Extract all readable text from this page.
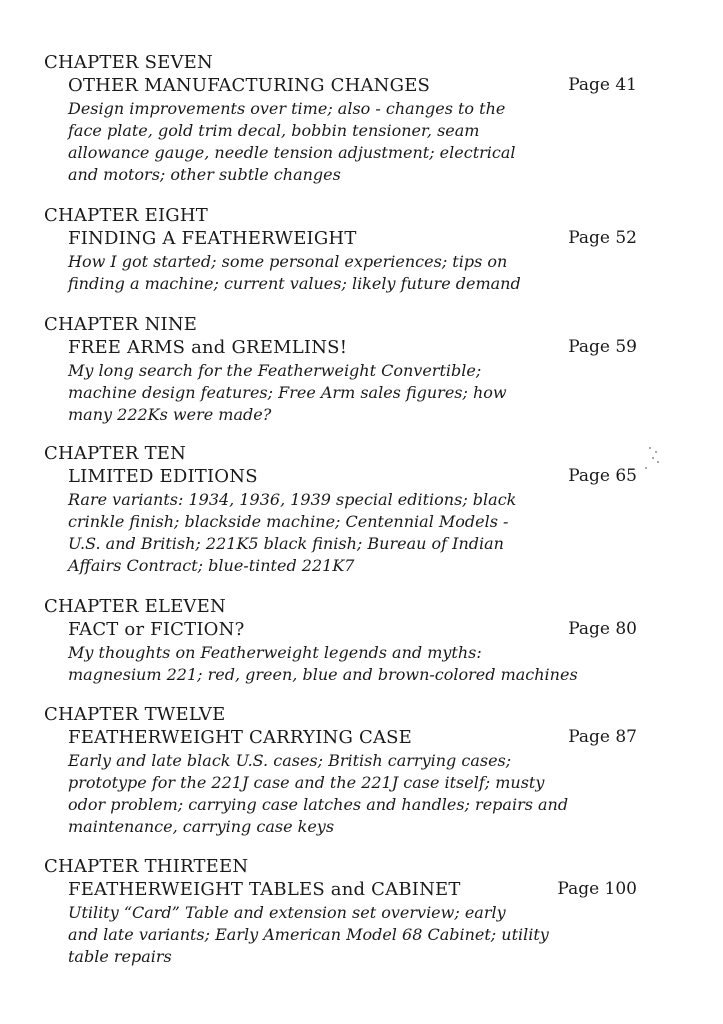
CHAPTER SEVEN
OTHER MANUFACTURING CHANGES	Page 41
Design improvements over time; also - changes to the
face plate, gold trim decal, bobbin tensioner, seam
allowance gauge, needle tension adjustment; electrical
and motors; other subtle changes
CHAPTER EIGHT
FINDING A FEATHERWEIGHT	Page 52
How I got started; some personal experiences; tips on
finding a machine; current values; likely future demand
CHAPTER NINE
FREE ARMS and GREMLINS!	Page 59
My long search for the Featherweight Convertible;
machine design features; Free Arm sales figures; how
many 222Ks were made?
CHAPTER TEN
LIMITED EDITIONS	Page 65
Rare variants: 1934, 1936, 1939 special editions; black
crinkle finish; blackside machine; Centennial Models -
U.S. and British; 221K5 black finish; Bureau of Indian
Affairs Contract; blue-tinted 221K7
CHAPTER ELEVEN
FACT or FICTION?	Page 80
My thoughts on Featherweight legends and myths:
magnesium 221; red, green, blue and brown-colored machines
CHAPTER TWELVE
FEATHERWEIGHT CARRYING CASE	Page 87
Early and late black U.S. cases; British carrying cases;
prototype for the 221J case and the 221J case itself; musty
odor problem; carrying case latches and handles; repairs and
maintenance, carrying case keys
CHAPTER THIRTEEN
FEATHERWEIGHT TABLES and CABINET	Page 100
Utility “Card” Table and extension set overview; early
and late variants; Early American Model 68 Cabinet; utility
table repairs
